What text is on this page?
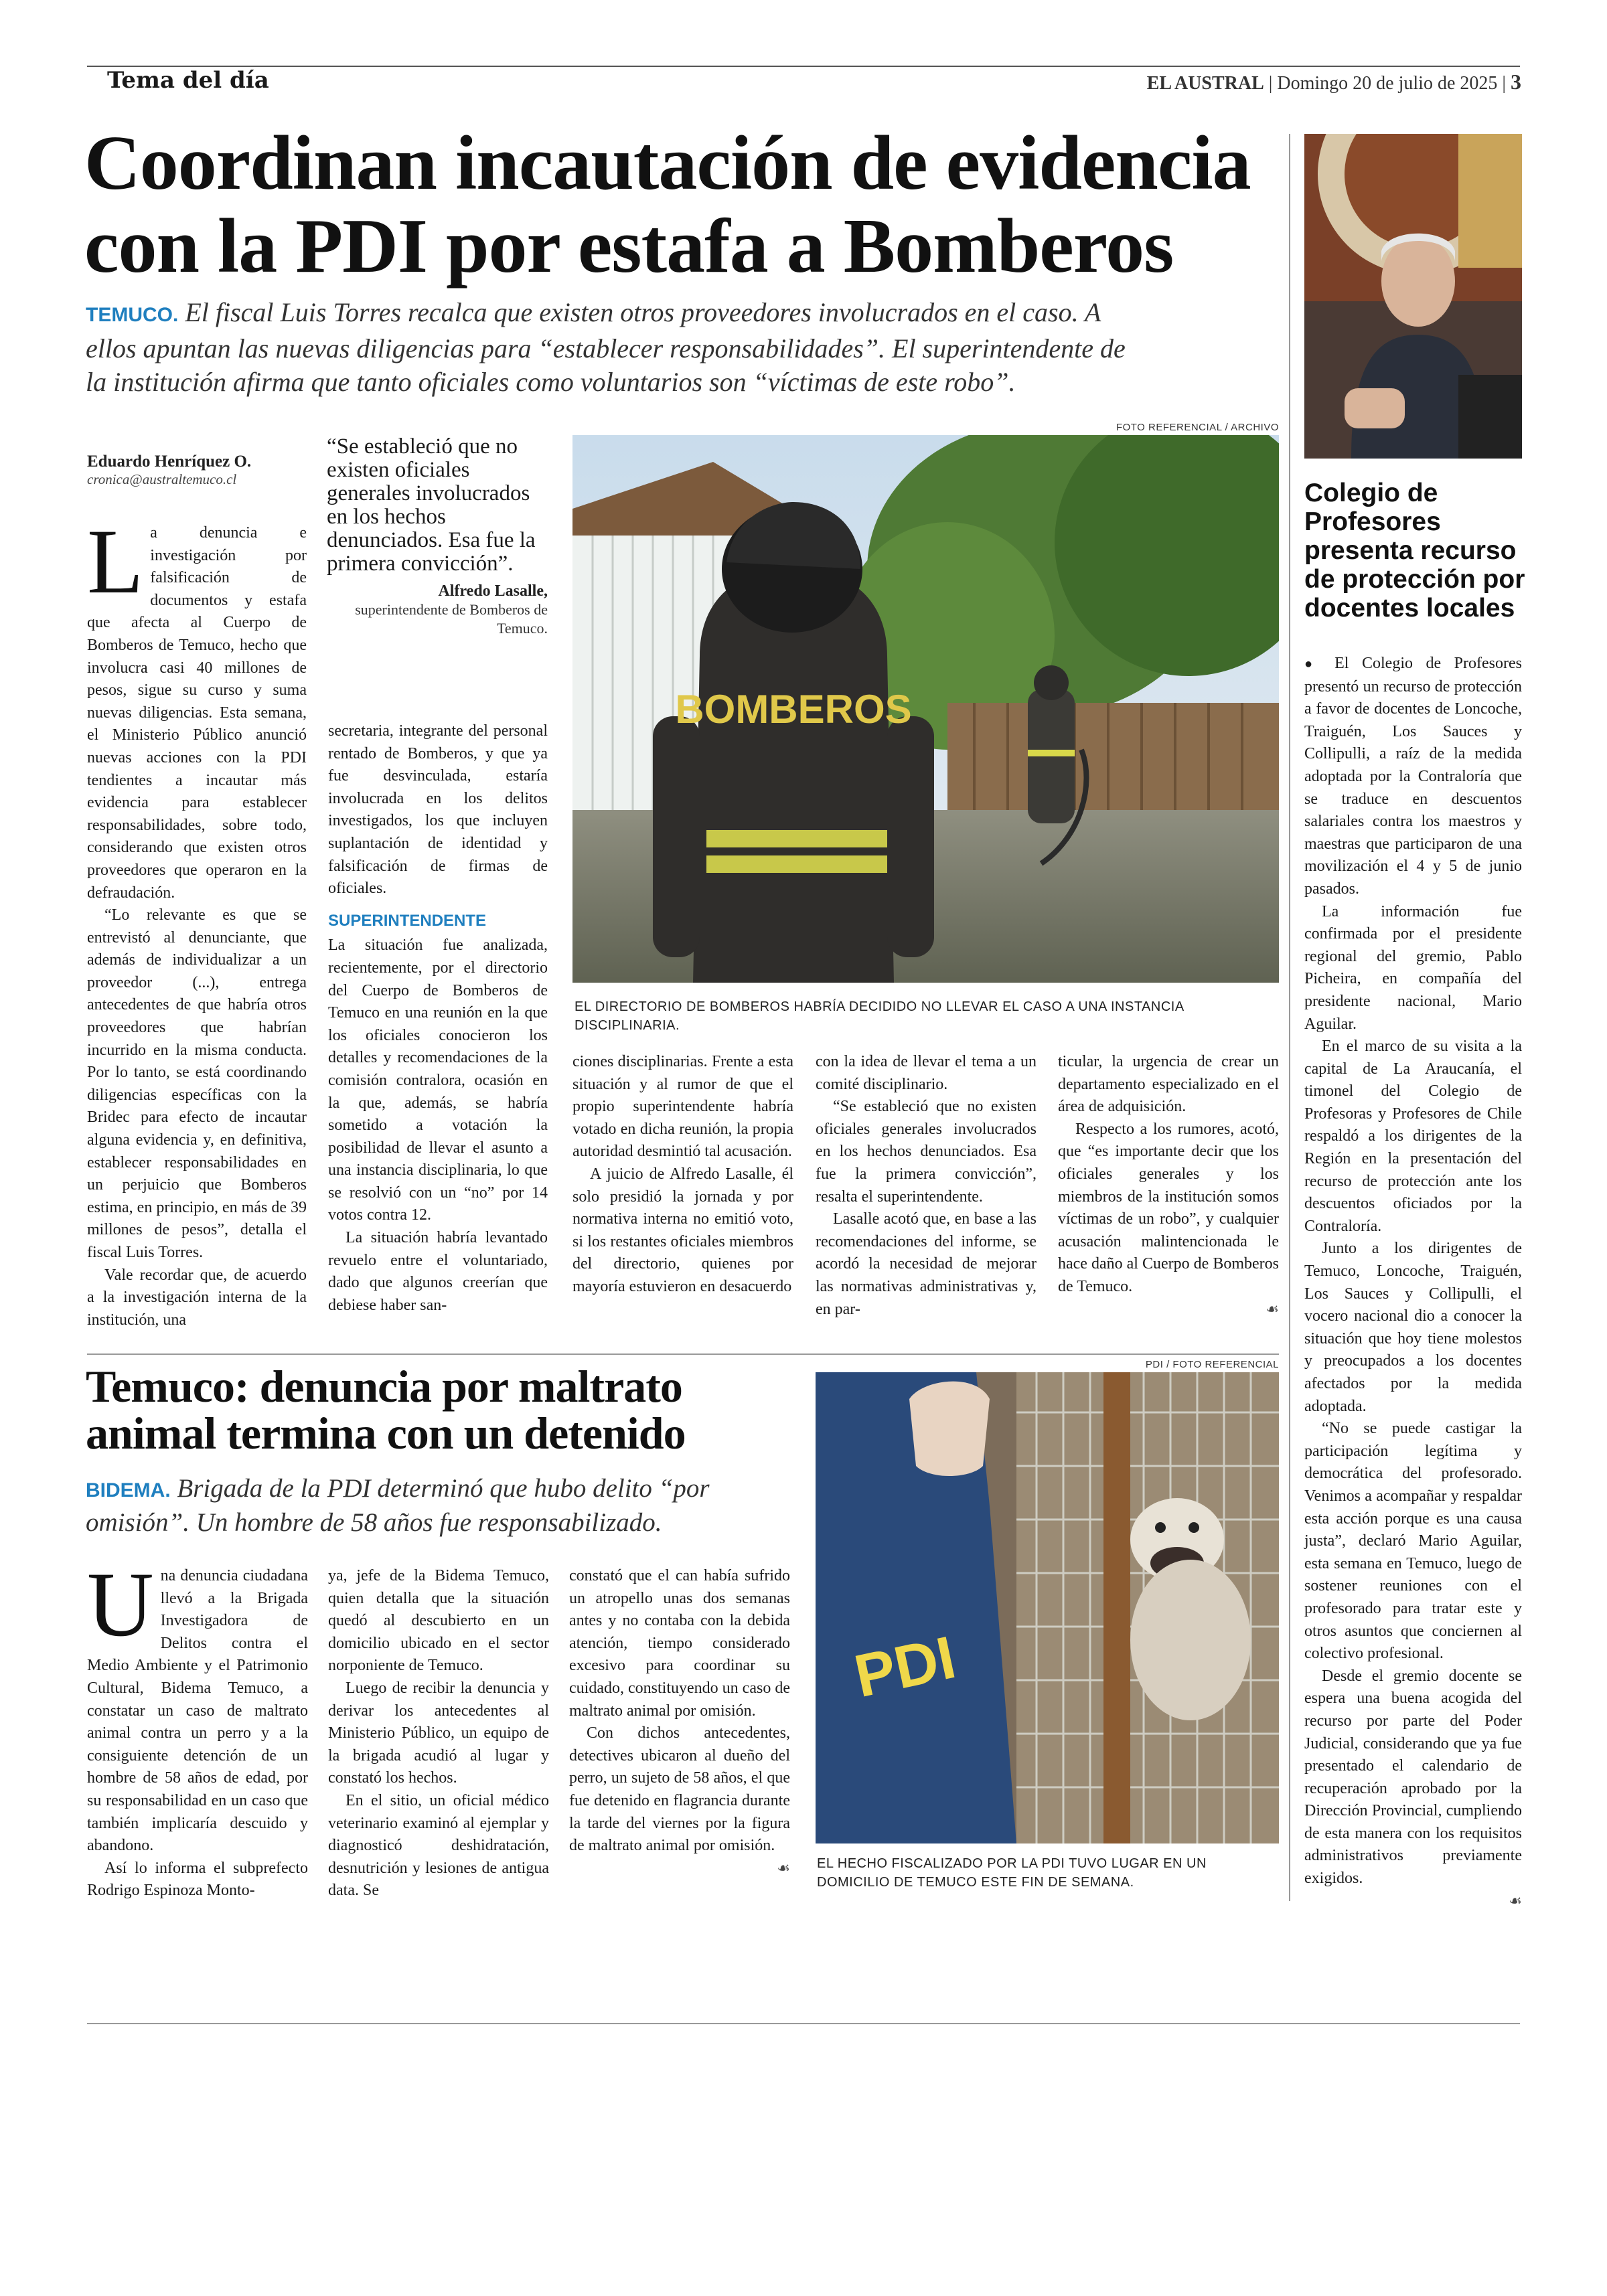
Tema del día	EL AUSTRAL | Domingo 20 de julio de 2025 | 3
Coordinan incautación de evidencia
con la PDI por estafa a Bomberos
TEMUCO. El fiscal Luis Torres recalca que existen otros proveedores involucrados en el caso. A
ellos apuntan las nuevas diligencias para “establecer responsabilidades”. El superintendente de
la institución afirma que tanto oficiales como voluntarios son “víctimas de este robo”.
Eduardo Henríquez O.
cronica@australtemuco.cl

La denuncia e investigación por falsificación de documentos y estafa que afecta al Cuerpo de Bomberos de Temuco, hecho que involucra casi 40 millones de pesos, sigue su curso y suma nuevas diligencias. Esta semana, el Ministerio Público anunció nuevas acciones con la PDI tendientes a incautar más evidencia para establecer responsabilidades, sobre todo, considerando que existen otros proveedores que operaron en la defraudación.

“Lo relevante es que se entrevistó al denunciante, que además de individualizar a un proveedor (...), entrega antecedentes de que habría otros proveedores que habrían incurrido en la misma conducta. Por lo tanto, se está coordinando diligencias específicas con la Bridec para efecto de incautar alguna evidencia y, en definitiva, establecer responsabilidades en un perjuicio que Bomberos estima, en principio, en más de 39 millones de pesos”, detalla el fiscal Luis Torres.

Vale recordar que, de acuerdo a la investigación interna de la institución, una

“Se estableció que no existen oficiales generales involucrados en los hechos denunciados. Esa fue la primera convicción”.
Alfredo Lasalle,
superintendente de Bomberos de Temuco.

secretaria, integrante del personal rentado de Bomberos, y que ya fue desvinculada, estaría involucrada en los delitos investigados, los que incluyen suplantación de identidad y falsificación de firmas de oficiales.

SUPERINTENDENTE

La situación fue analizada, recientemente, por el directorio del Cuerpo de Bomberos de Temuco en una reunión en la que los oficiales conocieron los detalles y recomendaciones de la comisión contralora, ocasión en la que, además, se habría sometido a votación la posibilidad de llevar el asunto a una instancia disciplinaria, lo que se resolvió con un “no” por 14 votos contra 12.

La situación habría levantado revuelo entre el voluntariado, dado que algunos creerían que debiese haber san-

FOTO REFERENCIAL / ARCHIVO
BOMBEROS
EL DIRECTORIO DE BOMBEROS HABRÍA DECIDIDO NO LLEVAR EL CASO A UNA INSTANCIA DISCIPLINARIA.

ciones disciplinarias. Frente a esta situación y al rumor de que el propio superintendente habría votado en dicha reunión, la propia autoridad desmintió tal acusación.

A juicio de Alfredo Lasalle, él solo presidió la jornada y por normativa interna no emitió voto, si los restantes oficiales miembros del directorio, quienes por mayoría estuvieron en desacuerdo

con la idea de llevar el tema a un comité disciplinario.

“Se estableció que no existen oficiales generales involucrados en los hechos denunciados. Esa fue la primera convicción”, resalta el superintendente.

Lasalle acotó que, en base a las recomendaciones del informe, se acordó la necesidad de mejorar las normativas administrativas y, en par-

ticular, la urgencia de crear un departamento especializado en el área de adquisición.

Respecto a los rumores, acotó, que “es importante decir que los oficiales generales y los miembros de la institución somos víctimas de un robo”, y cualquier acusación malintencionada le hace daño al Cuerpo de Bomberos de Temuco.

☙
Colegio de
Profesores
presenta recurso
de protección por
docentes locales

● El Colegio de Profesores presentó un recurso de protección a favor de docentes de Loncoche, Traiguén, Los Sauces y Collipulli, a raíz de la medida adoptada por la Contraloría que se traduce en descuentos salariales contra los maestros y maestras que participaron de una movilización el 4 y 5 de junio pasados.

La información fue confirmada por el presidente regional del gremio, Pablo Picheira, en compañía del presidente nacional, Mario Aguilar.

En el marco de su visita a la capital de La Araucanía, el timonel del Colegio de Profesoras y Profesores de Chile respaldó a los dirigentes de la Región en la presentación del recurso de protección ante los descuentos oficiados por la Contraloría.

Junto a los dirigentes de Temuco, Loncoche, Traiguén, Los Sauces y Collipulli, el vocero nacional dio a conocer la situación que hoy tiene molestos y preocupados a los docentes afectados por la medida adoptada.

“No se puede castigar la participación legítima y democrática del profesorado. Venimos a acompañar y respaldar esta acción porque es una causa justa”, declaró Mario Aguilar, esta semana en Temuco, luego de sostener reuniones con el profesorado para tratar este y otros asuntos que conciernen al colectivo profesional.

Desde el gremio docente se espera una buena acogida del recurso por parte del Poder Judicial, considerando que ya fue presentado el calendario de recuperación aprobado por la Dirección Provincial, cumpliendo de esta manera con los requisitos administrativos previamente exigidos.

☙
Temuco: denuncia por maltrato
animal termina con un detenido
BIDEMA. Brigada de la PDI determinó que hubo delito “por
omisión”. Un hombre de 58 años fue responsabilizado.

Una denuncia ciudadana llevó a la Brigada Investigadora de Delitos contra el Medio Ambiente y el Patrimonio Cultural, Bidema Temuco, a constatar un caso de maltrato animal contra un perro y a la consiguiente detención de un hombre de 58 años de edad, por su responsabilidad en un caso que también implicaría descuido y abandono.

Así lo informa el subprefecto Rodrigo Espinoza Monto-

ya, jefe de la Bidema Temuco, quien detalla que la situación quedó al descubierto en un domicilio ubicado en el sector norponiente de Temuco.

Luego de recibir la denuncia y derivar los antecedentes al Ministerio Público, un equipo de la brigada acudió al lugar y constató los hechos.

En el sitio, un oficial médico veterinario examinó al ejemplar y diagnosticó deshidratación, desnutrición y lesiones de antigua data. Se

constató que el can había sufrido un atropello unas dos semanas antes y no contaba con la debida atención, tiempo considerado excesivo para coordinar su cuidado, constituyendo un caso de maltrato animal por omisión.

Con dichos antecedentes, detectives ubicaron al dueño del perro, un sujeto de 58 años, el que fue detenido en flagrancia durante la tarde del viernes por la figura de maltrato animal por omisión.

☙
PDI / FOTO REFERENCIAL
PDI
EL HECHO FISCALIZADO POR LA PDI TUVO LUGAR EN UN DOMICILIO DE TEMUCO ESTE FIN DE SEMANA.
